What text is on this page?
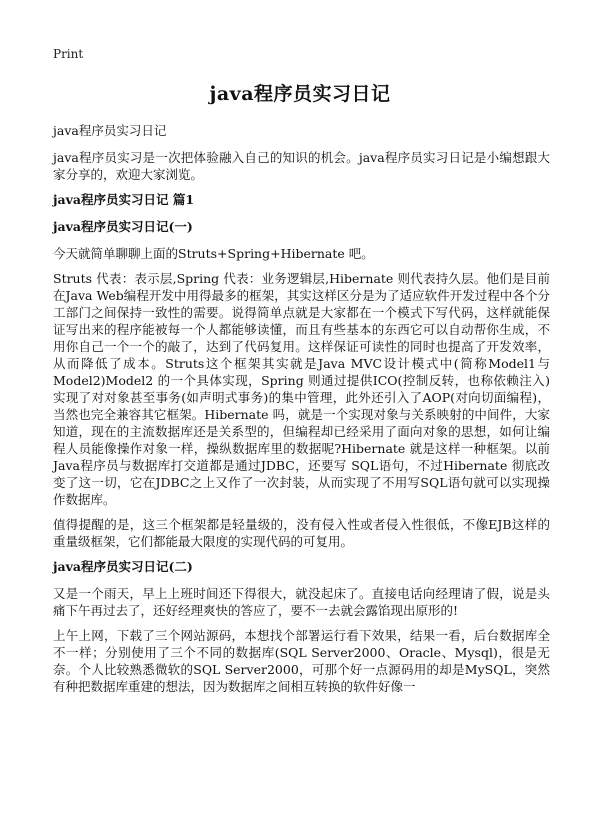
Print
java程序员实习日记

java程序员实习日记

java程序员实习是一次把体验融入自己的知识的机会。java程序员实习日记是小编想跟大家分享的，欢迎大家浏览。

java程序员实习日记 篇1
java程序员实习日记(一)

今天就简单聊聊上面的Struts+Spring+Hibernate 吧。

Struts 代表：表示层,Spring 代表：业务逻辑层,Hibernate 则代表持久层。他们是目前在Java Web编程开发中用得最多的框架，其实这样区分是为了适应软件开发过程中各个分工部门之间保持一致性的需要。说得简单点就是大家都在一个模式下写代码，这样就能保证写出来的程序能被每一个人都能够读懂，而且有些基本的东西它可以自动帮你生成，不用你自己一个一个的敲了，达到了代码复用。这样保证可读性的同时也提高了开发效率，从而降低了成本。Struts这个框架其实就是Java MVC设计模式中(简称Model1与Model2)Model2 的一个具体实现，Spring 则通过提供ICO(控制反转，也称依赖注入)实现了对对象甚至事务(如声明式事务)的集中管理，此外还引入了AOP(对向切面编程)，当然也完全兼容其它框架。Hibernate 吗，就是一个实现对象与关系映射的中间件，大家知道，现在的主流数据库还是关系型的，但编程却已经采用了面向对象的思想，如何让编程人员能像操作对象一样，操纵数据库里的数据呢?Hibernate 就是这样一种框架。以前Java程序员与数据库打交道都是通过JDBC，还要写 SQL语句，不过Hibernate 彻底改变了这一切，它在JDBC之上又作了一次封装，从而实现了不用写SQL语句就可以实现操作数据库。

值得提醒的是，这三个框架都是轻量级的，没有侵入性或者侵入性很低，不像EJB这样的重量级框架，它们都能最大限度的实现代码的可复用。

java程序员实习日记(二)

又是一个雨天，早上上班时间还下得很大，就没起床了。直接电话向经理请了假，说是头痛下午再过去了，还好经理爽快的答应了，要不一去就会露馅现出原形的!

上午上网，下载了三个网站源码，本想找个部署运行看下效果，结果一看，后台数据库全不一样；分别使用了三个不同的数据库(SQL Server2000、Oracle、Mysql)，很是无奈。个人比较熟悉微软的SQL Server2000，可那个好一点源码用的却是MySQL，突然有种把数据库重建的想法，因为数据库之间相互转换的软件好像一
